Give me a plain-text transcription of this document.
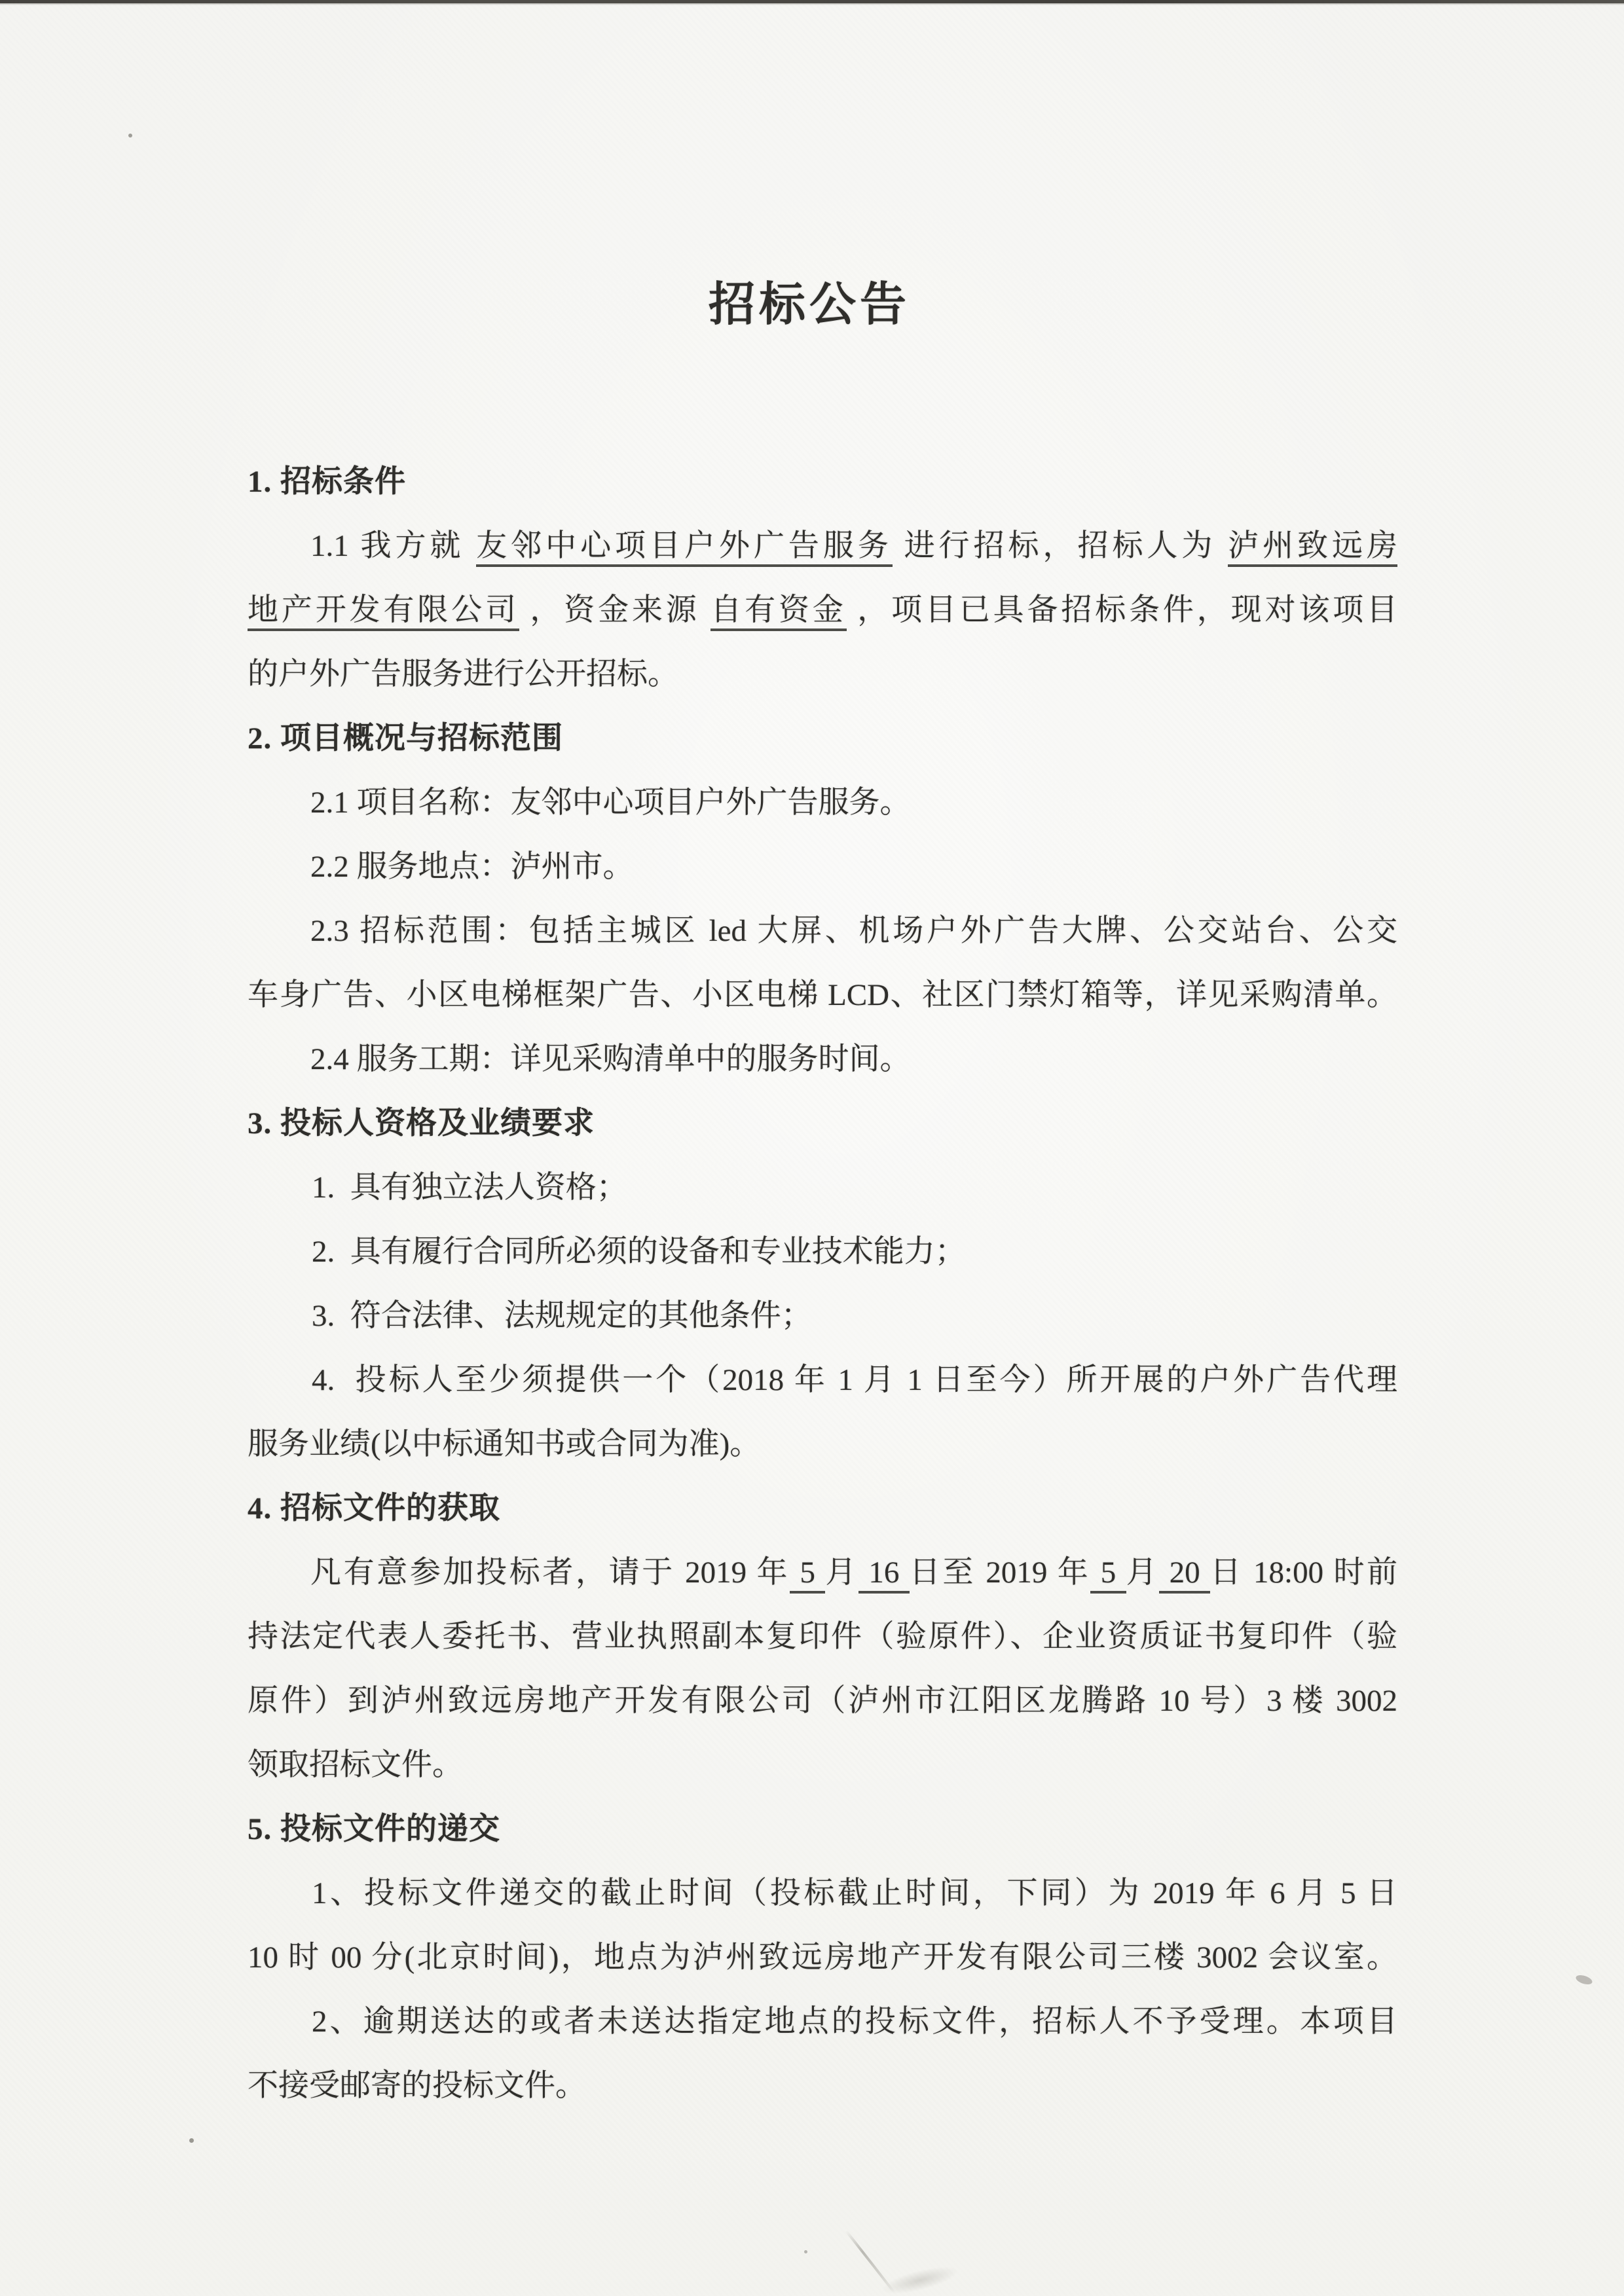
招标公告
1. 招标条件
1.1 我方就 友邻中心项目户外广告服务 进行招标，招标人为 泸州致远房
地产开发有限公司 ，资金来源 自有资金 ，项目已具备招标条件，现对该项目
的户外广告服务进行公开招标。
2. 项目概况与招标范围
2.1 项目名称：友邻中心项目户外广告服务。
2.2 服务地点：泸州市。
2.3 招标范围：包括主城区 led 大屏、机场户外广告大牌、公交站台、公交
车身广告、小区电梯框架广告、小区电梯 LCD、社区门禁灯箱等，详见采购清单。
2.4 服务工期：详见采购清单中的服务时间。
3. 投标人资格及业绩要求
1.  具有独立法人资格；
2.  具有履行合同所必须的设备和专业技术能力；
3.  符合法律、法规规定的其他条件；
4.  投标人至少须提供一个（2018 年 1 月 1 日至今）所开展的户外广告代理
服务业绩(以中标通知书或合同为准)。
4. 招标文件的获取
凡有意参加投标者，请于 2019 年 5 月 16 日至 2019 年 5 月 20 日 18:00 时前
持法定代表人委托书、营业执照副本复印件（验原件）、企业资质证书复印件（验
原件）到泸州致远房地产开发有限公司（泸州市江阳区龙腾路 10 号）3 楼 3002
领取招标文件。
5. 投标文件的递交
1、投标文件递交的截止时间（投标截止时间，下同）为 2019 年 6 月 5 日
10 时 00 分(北京时间)，地点为泸州致远房地产开发有限公司三楼 3002 会议室。
2、逾期送达的或者未送达指定地点的投标文件，招标人不予受理。本项目
不接受邮寄的投标文件。
